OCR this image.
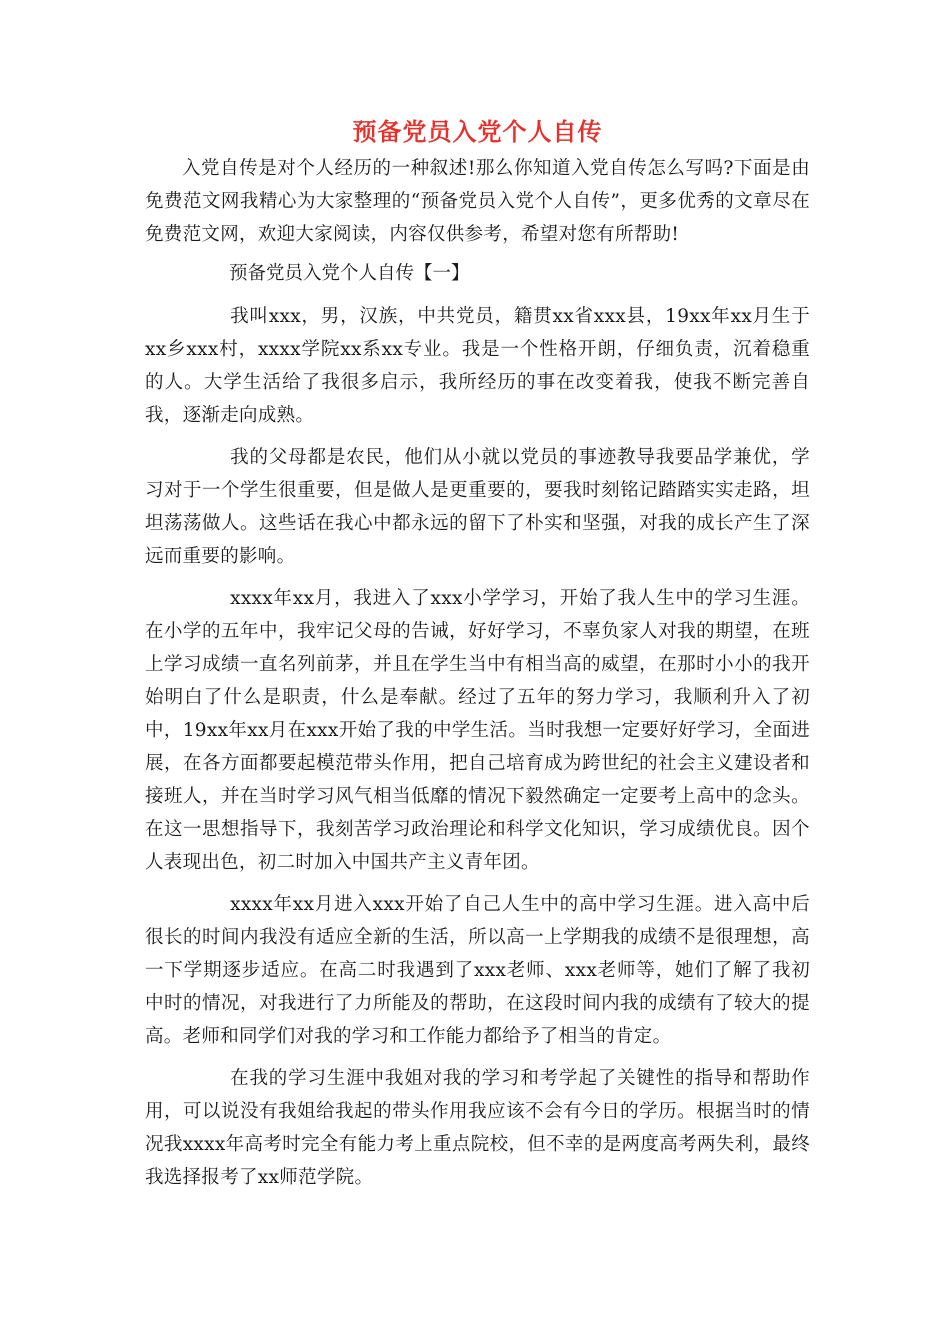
预备党员入党个人自传

入党自传是对个人经历的一种叙述!那么你知道入党自传怎么写吗?下面是由免费范文网我精心为大家整理的“预备党员入党个人自传”，更多优秀的文章尽在免费范文网，欢迎大家阅读，内容仅供参考，希望对您有所帮助!

预备党员入党个人自传【一】

我叫xxx，男，汉族，中共党员，籍贯xx省xxx县，19xx年xx月生于xx乡xxx村，xxxx学院xx系xx专业。我是一个性格开朗，仔细负责，沉着稳重的人。大学生活给了我很多启示，我所经历的事在改变着我，使我不断完善自我，逐渐走向成熟。

我的父母都是农民，他们从小就以党员的事迹教导我要品学兼优，学习对于一个学生很重要，但是做人是更重要的，要我时刻铭记踏踏实实走路，坦坦荡荡做人。这些话在我心中都永远的留下了朴实和坚强，对我的成长产生了深远而重要的影响。

xxxx年xx月，我进入了xxx小学学习，开始了我人生中的学习生涯。在小学的五年中，我牢记父母的告诫，好好学习，不辜负家人对我的期望，在班上学习成绩一直名列前茅，并且在学生当中有相当高的威望，在那时小小的我开始明白了什么是职责，什么是奉献。经过了五年的努力学习，我顺利升入了初中，19xx年xx月在xxx开始了我的中学生活。当时我想一定要好好学习，全面进展，在各方面都要起模范带头作用，把自己培育成为跨世纪的社会主义建设者和接班人，并在当时学习风气相当低靡的情况下毅然确定一定要考上高中的念头。在这一思想指导下，我刻苦学习政治理论和科学文化知识，学习成绩优良。因个人表现出色，初二时加入中国共产主义青年团。

xxxx年xx月进入xxx开始了自己人生中的高中学习生涯。进入高中后很长的时间内我没有适应全新的生活，所以高一上学期我的成绩不是很理想，高一下学期逐步适应。在高二时我遇到了xxx老师、xxx老师等，她们了解了我初中时的情况，对我进行了力所能及的帮助，在这段时间内我的成绩有了较大的提高。老师和同学们对我的学习和工作能力都给予了相当的肯定。

在我的学习生涯中我姐对我的学习和考学起了关键性的指导和帮助作用，可以说没有我姐给我起的带头作用我应该不会有今日的学历。根据当时的情况我xxxx年高考时完全有能力考上重点院校，但不幸的是两度高考两失利，最终我选择报考了xx师范学院。
